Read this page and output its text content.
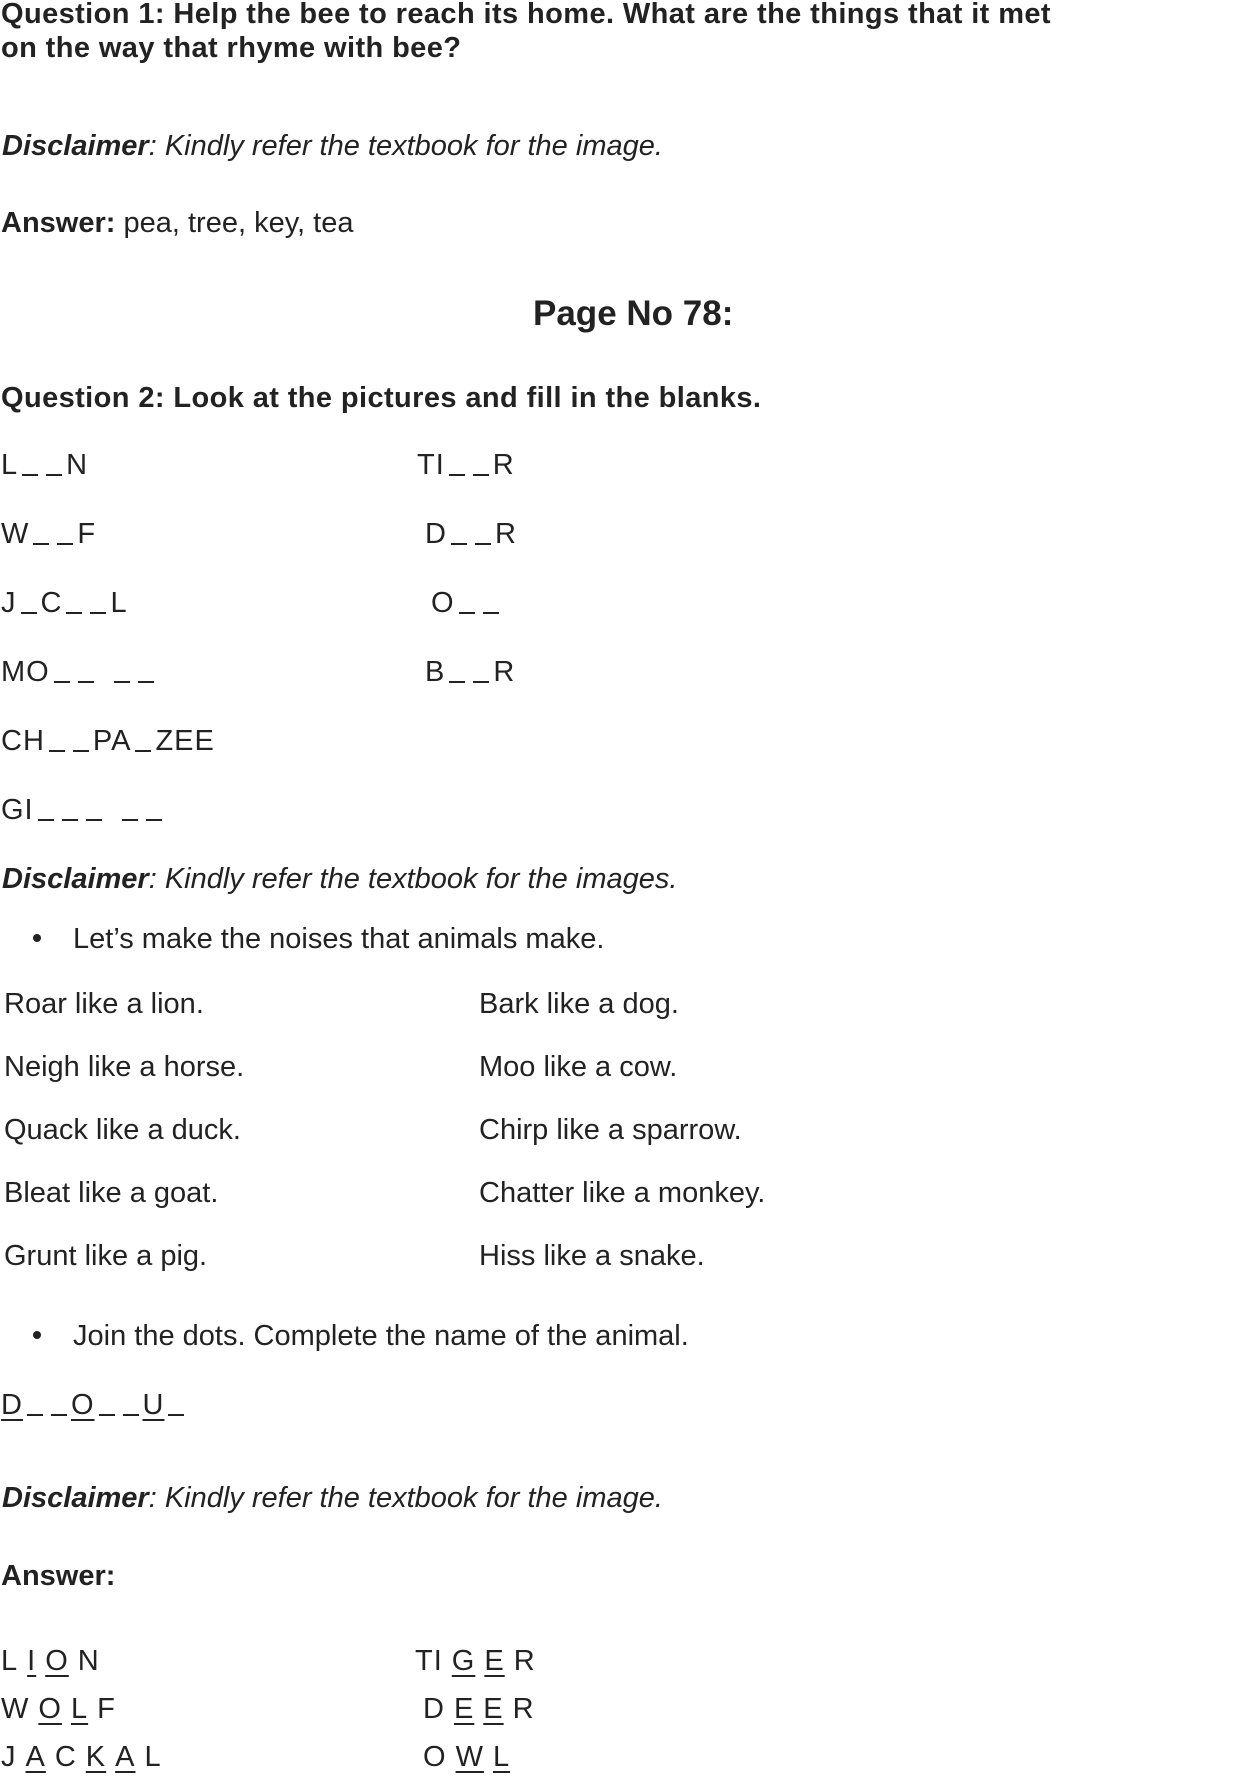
Question 1: Help the bee to reach its home. What are the things that it met
on the way that rhyme with bee?
Disclaimer: Kindly refer the textbook for the image.
Answer: pea, tree, key, tea
Page No 78:
Question 2: Look at the pictures and fill in the blanks.
L N
W F
J C L
MO
CH PA ZEE
GI
TI R
D R
O
B R
Disclaimer: Kindly refer the textbook for the images.
Let’s make the noises that animals make.
Roar like a lion.
Neigh like a horse.
Quack like a duck.
Bleat like a goat.
Grunt like a pig.
Bark like a dog.
Moo like a cow.
Chirp like a sparrow.
Chatter like a monkey.
Hiss like a snake.
Join the dots. Complete the name of the animal.
D O U
Disclaimer: Kindly refer the textbook for the image.
Answer:
L I O N
W O L F
J A C K A L
TI G E R
D E E R
O W L
